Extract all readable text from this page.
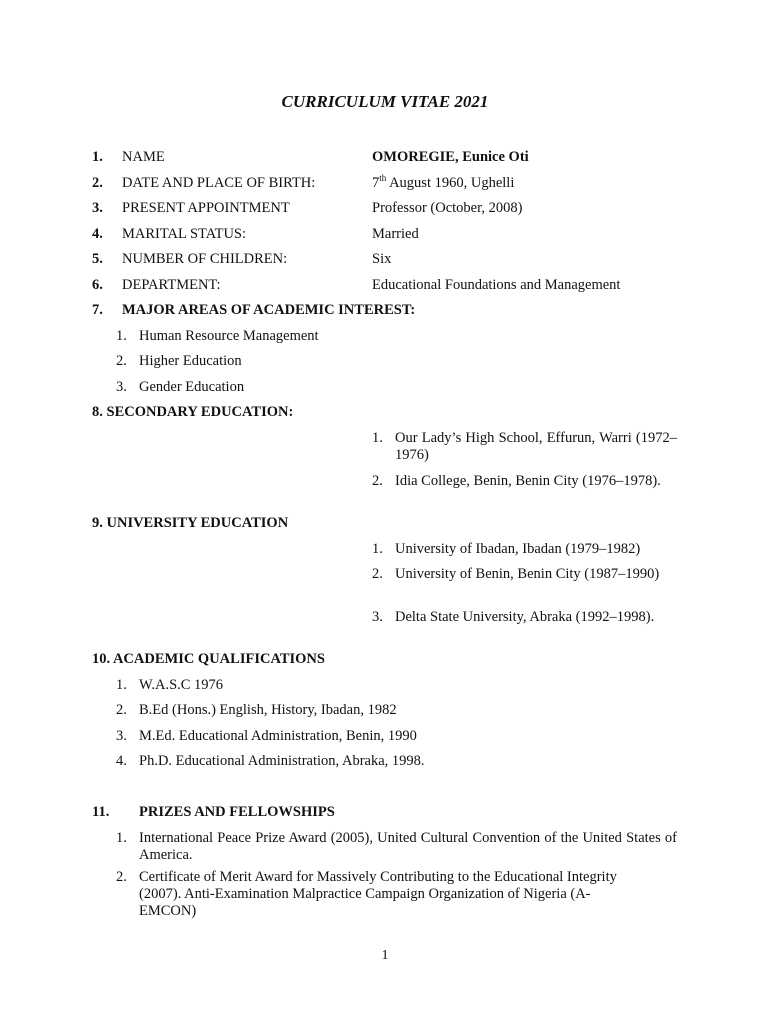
CURRICULUM VITAE 2021
1. NAME	OMOREGIE, Eunice Oti
2. DATE AND PLACE OF BIRTH:	7th August 1960, Ughelli
3. PRESENT APPOINTMENT	Professor (October, 2008)
4. MARITAL STATUS:	Married
5. NUMBER OF CHILDREN:	Six
6. DEPARTMENT:	Educational Foundations and Management
7. MAJOR AREAS OF ACADEMIC INTEREST:
1. Human Resource Management
2. Higher Education
3. Gender Education
8. SECONDARY EDUCATION:
1. Our Lady’s High School, Effurun, Warri (1972–1976)
2. Idia College, Benin, Benin City (1976–1978).
9. UNIVERSITY EDUCATION
1. University of Ibadan, Ibadan (1979–1982)
2. University of Benin, Benin City (1987–1990)
3. Delta State University, Abraka (1992–1998).
10. ACADEMIC QUALIFICATIONS
1. W.A.S.C 1976
2. B.Ed (Hons.) English, History, Ibadan, 1982
3. M.Ed. Educational Administration, Benin, 1990
4. Ph.D. Educational Administration, Abraka, 1998.
11. PRIZES AND FELLOWSHIPS
1. International Peace Prize Award (2005), United Cultural Convention of the United States of America.
2. Certificate of Merit Award for Massively Contributing to the Educational Integrity (2007). Anti-Examination Malpractice Campaign Organization of Nigeria (A-EMCON)
1
